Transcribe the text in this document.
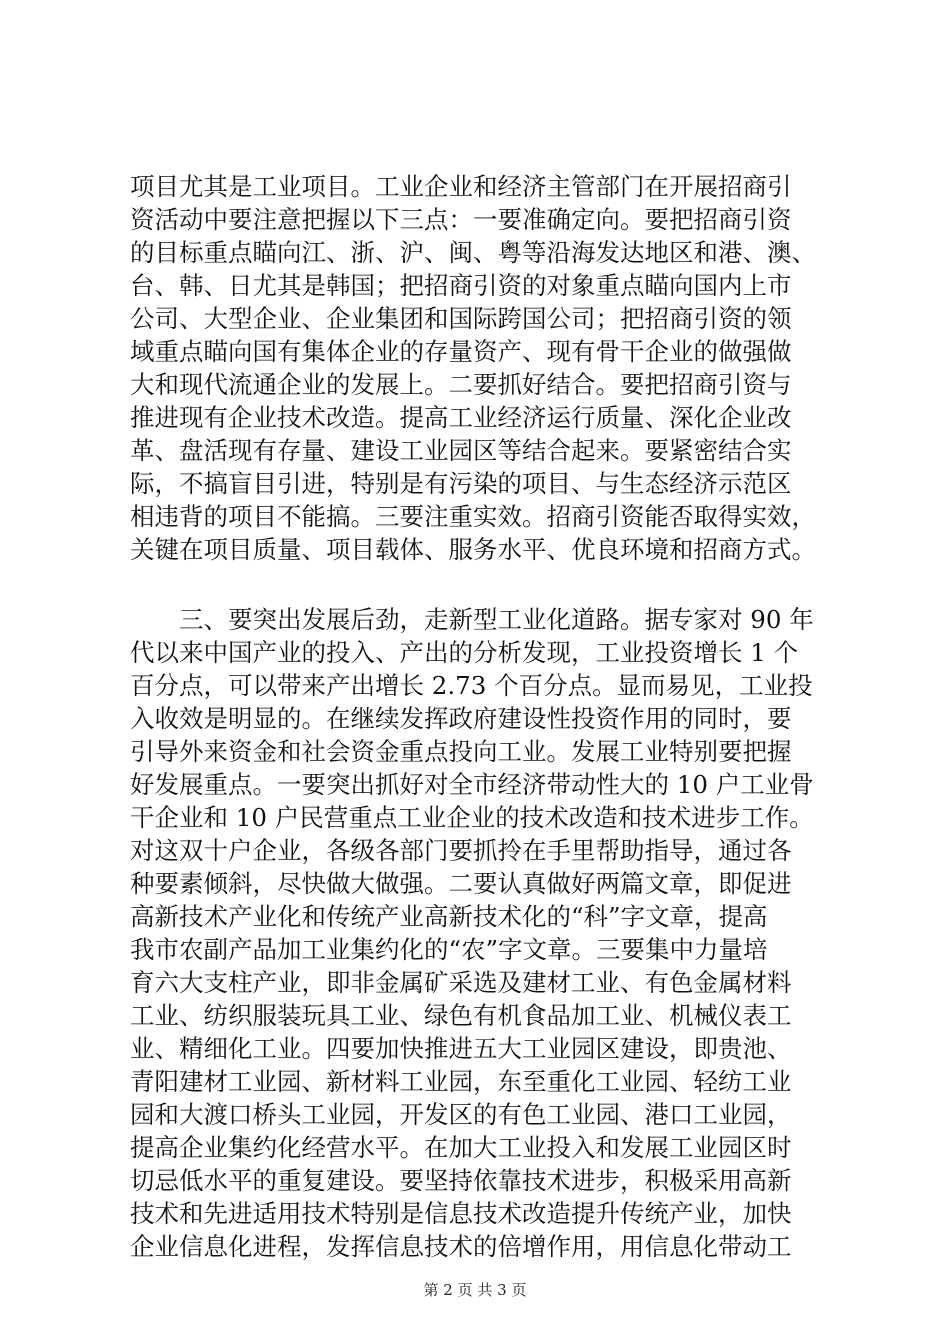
项目尤其是工业项目。工业企业和经济主管部门在开展招商引
资活动中要注意把握以下三点：一要准确定向。要把招商引资
的目标重点瞄向江、浙、沪、闽、粤等沿海发达地区和港、澳、
台、韩、日尤其是韩国；把招商引资的对象重点瞄向国内上市
公司、大型企业、企业集团和国际跨国公司；把招商引资的领
域重点瞄向国有集体企业的存量资产、现有骨干企业的做强做
大和现代流通企业的发展上。二要抓好结合。要把招商引资与
推进现有企业技术改造。提高工业经济运行质量、深化企业改
革、盘活现有存量、建设工业园区等结合起来。要紧密结合实
际，不搞盲目引进，特别是有污染的项目、与生态经济示范区
相违背的项目不能搞。三要注重实效。招商引资能否取得实效，
关键在项目质量、项目载体、服务水平、优良环境和招商方式。
　　三、要突出发展后劲，走新型工业化道路。据专家对 90 年
代以来中国产业的投入、产出的分析发现，工业投资增长 1 个
百分点，可以带来产出增长 2.73 个百分点。显而易见，工业投
入收效是明显的。在继续发挥政府建设性投资作用的同时，要
引导外来资金和社会资金重点投向工业。发展工业特别要把握
好发展重点。一要突出抓好对全市经济带动性大的 10 户工业骨
干企业和 10 户民营重点工业企业的技术改造和技术进步工作。
对这双十户企业，各级各部门要抓拎在手里帮助指导，通过各
种要素倾斜，尽快做大做强。二要认真做好两篇文章，即促进
高新技术产业化和传统产业高新技术化的“科”字文章，提高
我市农副产品加工业集约化的“农”字文章。三要集中力量培
育六大支柱产业，即非金属矿采选及建材工业、有色金属材料
工业、纺织服装玩具工业、绿色有机食品加工业、机械仪表工
业、精细化工业。四要加快推进五大工业园区建设，即贵池、
青阳建材工业园、新材料工业园，东至重化工业园、轻纺工业
园和大渡口桥头工业园，开发区的有色工业园、港口工业园，
提高企业集约化经营水平。在加大工业投入和发展工业园区时
切忌低水平的重复建设。要坚持依靠技术进步，积极采用高新
技术和先进适用技术特别是信息技术改造提升传统产业，加快
企业信息化进程，发挥信息技术的倍增作用，用信息化带动工
第 2 页 共 3 页
